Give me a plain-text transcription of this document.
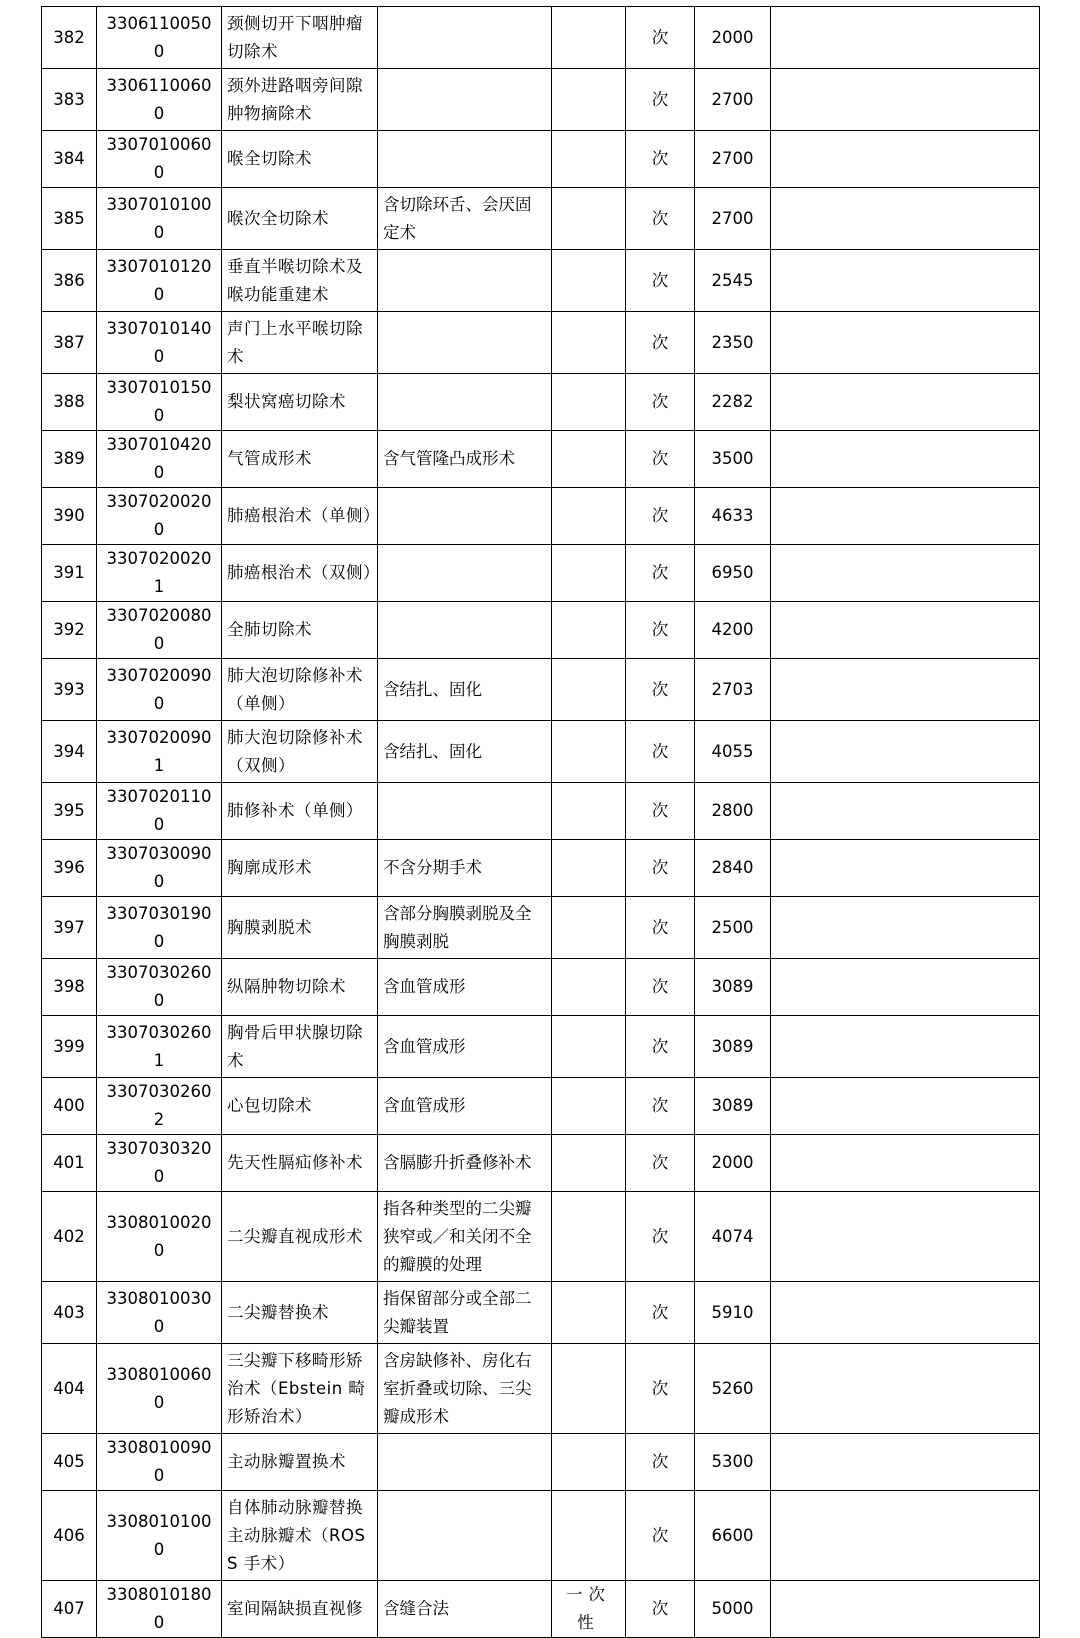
382	33061100500	颈侧切开下咽肿瘤切除术			次	2000	
383	33061100600	颈外进路咽旁间隙肿物摘除术			次	2700	
384	33070100600	喉全切除术			次	2700	
385	33070101000	喉次全切除术	含切除环舌、会厌固定术		次	2700	
386	33070101200	垂直半喉切除术及喉功能重建术			次	2545	
387	33070101400	声门上水平喉切除术			次	2350	
388	33070101500	梨状窝癌切除术			次	2282	
389	33070104200	气管成形术	含气管隆凸成形术		次	3500	
390	33070200200	肺癌根治术（单侧）			次	4633	
391	33070200201	肺癌根治术（双侧）			次	6950	
392	33070200800	全肺切除术			次	4200	
393	33070200900	肺大泡切除修补术（单侧）	含结扎、固化		次	2703	
394	33070200901	肺大泡切除修补术（双侧）	含结扎、固化		次	4055	
395	33070201100	肺修补术（单侧）			次	2800	
396	33070300900	胸廓成形术	不含分期手术		次	2840	
397	33070301900	胸膜剥脱术	含部分胸膜剥脱及全胸膜剥脱		次	2500	
398	33070302600	纵隔肿物切除术	含血管成形		次	3089	
399	33070302601	胸骨后甲状腺切除术	含血管成形		次	3089	
400	33070302602	心包切除术	含血管成形		次	3089	
401	33070303200	先天性膈疝修补术	含膈膨升折叠修补术		次	2000	
402	33080100200	二尖瓣直视成形术	指各种类型的二尖瓣狭窄或／和关闭不全的瓣膜的处理		次	4074	
403	33080100300	二尖瓣替换术	指保留部分或全部二尖瓣装置		次	5910	
404	33080100600	三尖瓣下移畸形矫治术（Ebstein 畸形矫治术）	含房缺修补、房化右室折叠或切除、三尖瓣成形术		次	5260	
405	33080100900	主动脉瓣置换术			次	5300	
406	33080101000	自体肺动脉瓣替换主动脉瓣术（ROSS 手术）			次	6600	
407	33080101800	室间隔缺损直视修	含缝合法	一次性	次	5000	
